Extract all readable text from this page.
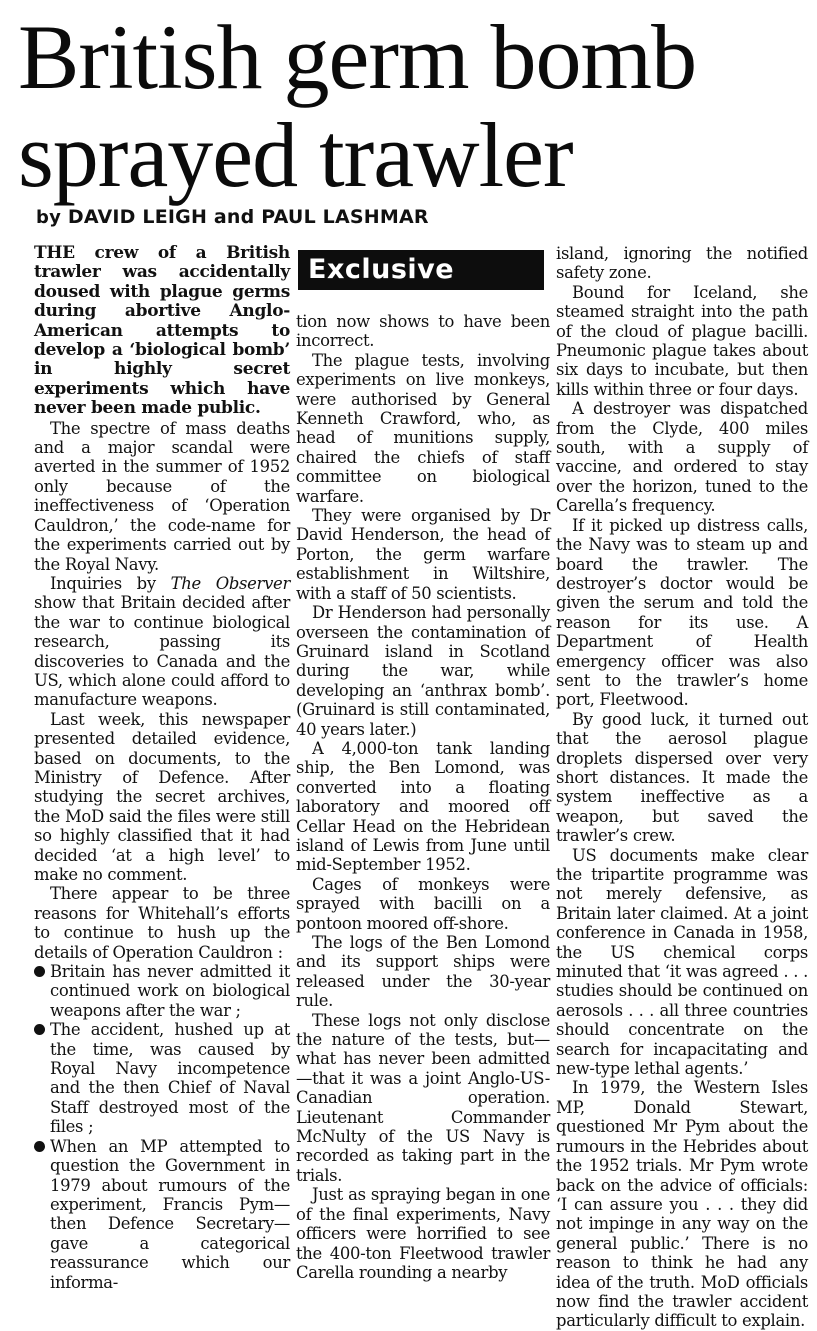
British germ bomb
sprayed trawler
by DAVID LEIGH and PAUL LASHMAR

THE crew of a British trawler was accidentally doused with plague germs during abortive Anglo-American attempts to develop a ‘biological bomb’ in highly secret experiments which have never been made public.

The spectre of mass deaths and a major scandal were averted in the summer of 1952 only because of the ineffectiveness of ‘Operation Cauldron,’ the code-name for the experiments carried out by the Royal Navy.

Inquiries by The Observer show that Britain decided after the war to continue biological research, passing its discoveries to Canada and the US, which alone could afford to manufacture weapons.

Last week, this newspaper presented detailed evidence, based on documents, to the Ministry of Defence. After studying the secret archives, the MoD said the files were still so highly classified that it had decided ‘at a high level’ to make no comment.

There appear to be three reasons for Whitehall’s efforts to continue to hush up the details of Operation Cauldron :

Britain has never admitted it continued work on biological weapons after the war ;

The accident, hushed up at the time, was caused by Royal Navy incompetence and the then Chief of Naval Staff destroyed most of the files ;

When an MP attempted to question the Government in 1979 about rumours of the experiment, Francis Pym—then Defence Secretary—gave a categorical reassurance which our informa-

Exclusive

tion now shows to have been incorrect.

The plague tests, involving experiments on live monkeys, were authorised by General Kenneth Crawford, who, as head of munitions supply, chaired the chiefs of staff committee on biological warfare.

They were organised by Dr David Henderson, the head of Porton, the germ warfare establishment in Wiltshire, with a staff of 50 scientists.

Dr Henderson had personally overseen the contamination of Gruinard island in Scotland during the war, while developing an ‘anthrax bomb’. (Gruinard is still contaminated, 40 years later.)

A 4,000-ton tank landing ship, the Ben Lomond, was converted into a floating laboratory and moored off Cellar Head on the Hebridean island of Lewis from June until mid-September 1952.

Cages of monkeys were sprayed with bacilli on a pontoon moored off-shore.

The logs of the Ben Lomond and its support ships were released under the 30-year rule.

These logs not only disclose the nature of the tests, but—what has never been admitted—that it was a joint Anglo-US-Canadian operation. Lieutenant Commander McNulty of the US Navy is recorded as taking part in the trials.

Just as spraying began in one of the final experiments, Navy officers were horrified to see the 400-ton Fleetwood trawler Carella rounding a nearby

island, ignoring the notified safety zone.

Bound for Iceland, she steamed straight into the path of the cloud of plague bacilli. Pneumonic plague takes about six days to incubate, but then kills within three or four days.

A destroyer was dispatched from the Clyde, 400 miles south, with a supply of vaccine, and ordered to stay over the horizon, tuned to the Carella’s frequency.

If it picked up distress calls, the Navy was to steam up and board the trawler. The destroyer’s doctor would be given the serum and told the reason for its use. A Department of Health emergency officer was also sent to the trawler’s home port, Fleetwood.

By good luck, it turned out that the aerosol plague droplets dispersed over very short distances. It made the system ineffective as a weapon, but saved the trawler’s crew.

US documents make clear the tripartite programme was not merely defensive, as Britain later claimed. At a joint conference in Canada in 1958, the US chemical corps minuted that ‘it was agreed . . . studies should be continued on aerosols . . . all three countries should concentrate on the search for incapacitating and new-type lethal agents.’

In 1979, the Western Isles MP, Donald Stewart, questioned Mr Pym about the rumours in the Hebrides about the 1952 trials. Mr Pym wrote back on the advice of officials: ‘I can assure you . . . they did not impinge in any way on the general public.’ There is no reason to think he had any idea of the truth. MoD officials now find the trawler accident particularly difficult to explain.
